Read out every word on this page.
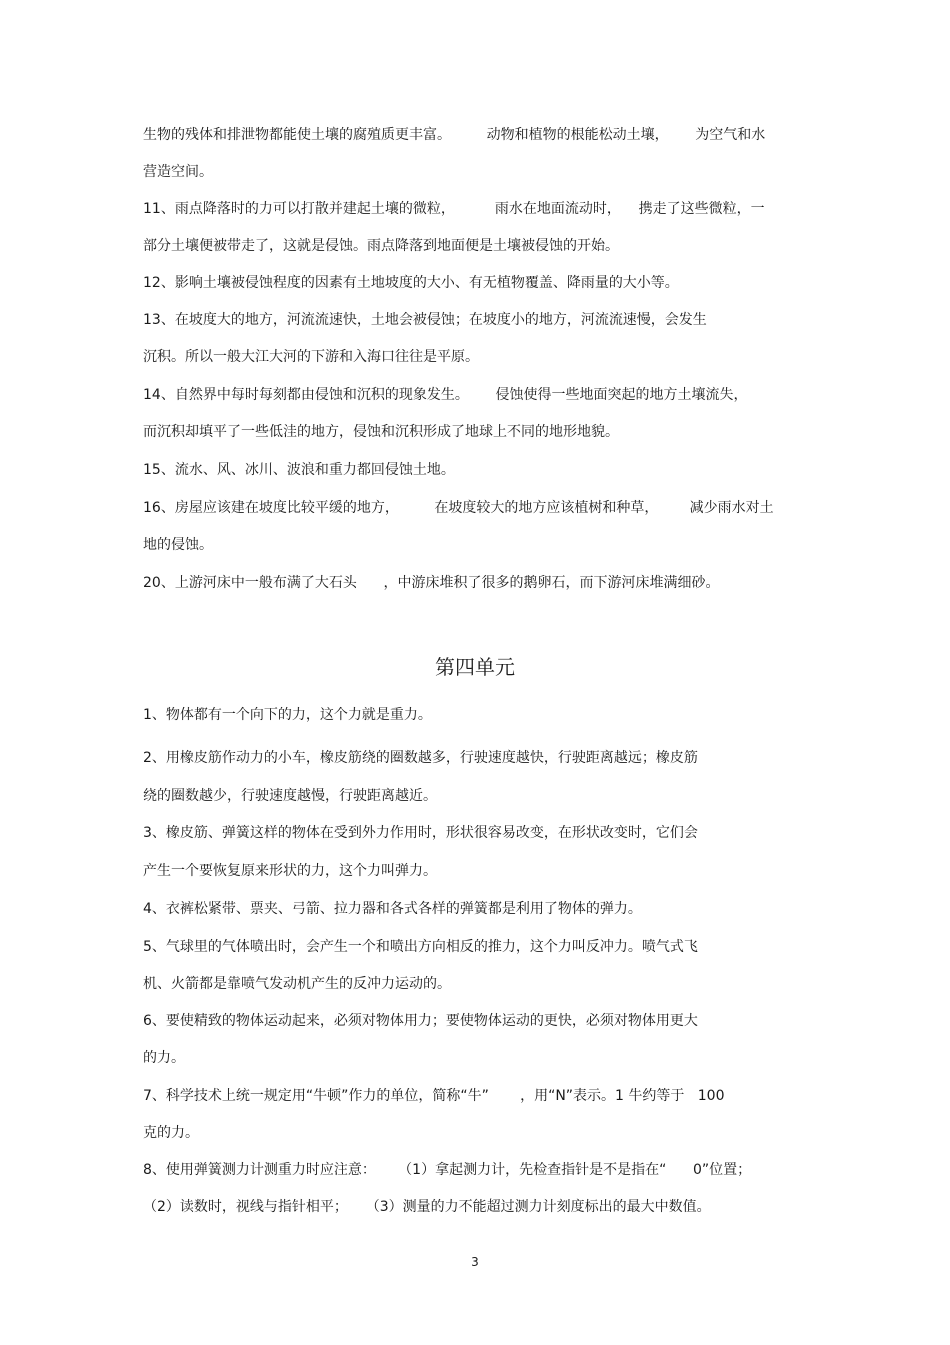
生物的残体和排泄物都能使土壤的腐殖质更丰富。        动物和植物的根能松动土壤，      为空气和水

营造空间。

11、雨点降落时的力可以打散并建起土壤的微粒，         雨水在地面流动时，    携走了这些微粒，一

部分土壤便被带走了，这就是侵蚀。雨点降落到地面便是土壤被侵蚀的开始。

12、影响土壤被侵蚀程度的因素有土地坡度的大小、有无植物覆盖、降雨量的大小等。

13、在坡度大的地方，河流流速快，土地会被侵蚀；在坡度小的地方，河流流速慢，会发生

沉积。所以一般大江大河的下游和入海口往往是平原。

14、自然界中每时每刻都由侵蚀和沉积的现象发生。      侵蚀使得一些地面突起的地方土壤流失，

而沉积却填平了一些低洼的地方，侵蚀和沉积形成了地球上不同的地形地貌。

15、流水、风、冰川、波浪和重力都回侵蚀土地。

16、房屋应该建在坡度比较平缓的地方，        在坡度较大的地方应该植树和种草，       减少雨水对土

地的侵蚀。

20、上游河床中一般布满了大石头      ，中游床堆积了很多的鹅卵石，而下游河床堆满细砂。

第四单元

1、物体都有一个向下的力，这个力就是重力。

2、用橡皮筋作动力的小车，橡皮筋绕的圈数越多，行驶速度越快，行驶距离越远；橡皮筋

绕的圈数越少，行驶速度越慢，行驶距离越近。

3、橡皮筋、弹簧这样的物体在受到外力作用时，形状很容易改变，在形状改变时，它们会

产生一个要恢复原来形状的力，这个力叫弹力。

4、衣裤松紧带、票夹、弓箭、拉力器和各式各样的弹簧都是利用了物体的弹力。

5、气球里的气体喷出时，会产生一个和喷出方向相反的推力，这个力叫反冲力。喷气式飞

机、火箭都是靠喷气发动机产生的反冲力运动的。

6、要使精致的物体运动起来，必须对物体用力；要使物体运动的更快，必须对物体用更大

的力。

7、科学技术上统一规定用“牛顿”作力的单位，简称“牛”       ，用“N”表示。1 牛约等于   100

克的力。

8、使用弹簧测力计测重力时应注意：     （1）拿起测力计，先检查指针是不是指在“      0”位置；

（2）读数时，视线与指针相平；    （3）测量的力不能超过测力计刻度标出的最大中数值。

3
